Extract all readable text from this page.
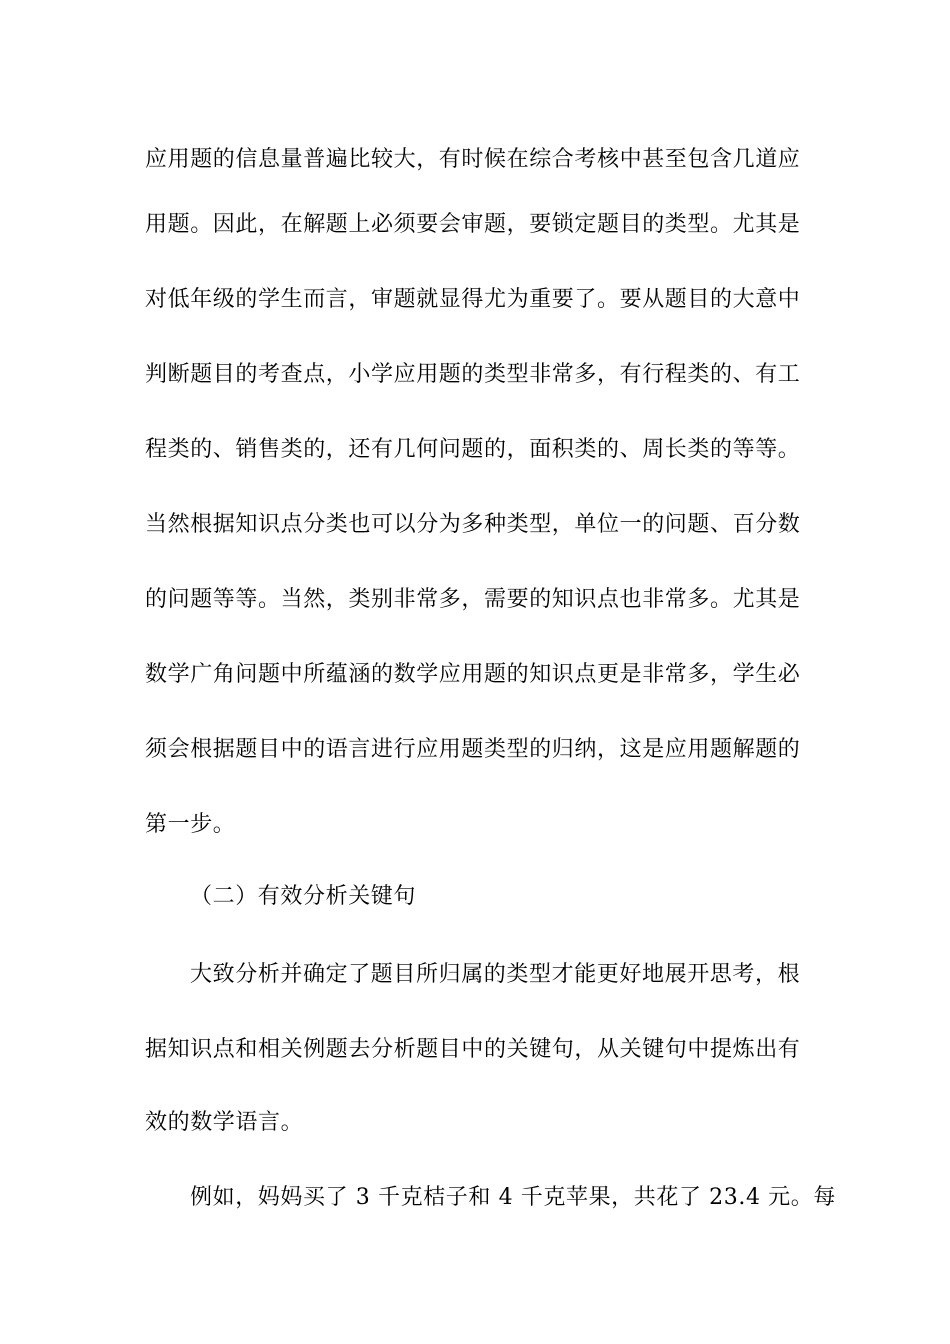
应用题的信息量普遍比较大，有时候在综合考核中甚至包含几道应
用题。因此，在解题上必须要会审题，要锁定题目的类型。尤其是
对低年级的学生而言，审题就显得尤为重要了。要从题目的大意中
判断题目的考查点，小学应用题的类型非常多，有行程类的、有工
程类的、销售类的，还有几何问题的，面积类的、周长类的等等。
当然根据知识点分类也可以分为多种类型，单位一的问题、百分数
的问题等等。当然，类别非常多，需要的知识点也非常多。尤其是
数学广角问题中所蕴涵的数学应用题的知识点更是非常多，学生必
须会根据题目中的语言进行应用题类型的归纳，这是应用题解题的
第一步。
（二）有效分析关键句
大致分析并确定了题目所归属的类型才能更好地展开思考，根
据知识点和相关例题去分析题目中的关键句，从关键句中提炼出有
效的数学语言。
例如，妈妈买了 3 千克桔子和 4 千克苹果，共花了 23.4 元。每
